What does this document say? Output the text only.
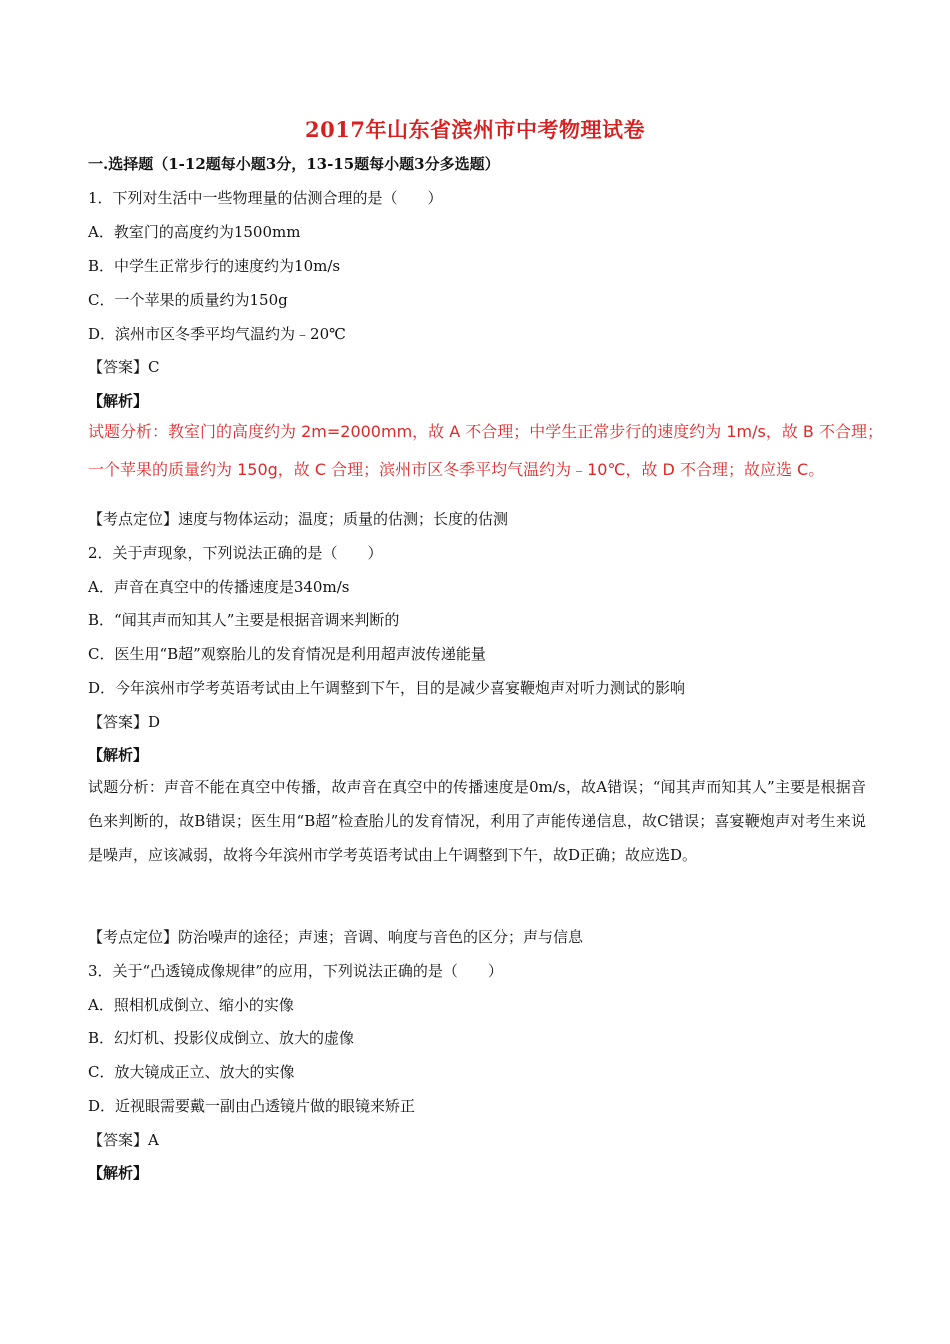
2017年山东省滨州市中考物理试卷
一.选择题（1-12题每小题3分，13-15题每小题3分多选题）
1．下列对生活中一些物理量的估测合理的是（　　）
A．教室门的高度约为1500mm
B．中学生正常步行的速度约为10m/s
C．一个苹果的质量约为150g
D．滨州市区冬季平均气温约为﹣20℃
【答案】C
【解析】
试题分析：教室门的高度约为 2m=2000mm，故 A 不合理；中学生正常步行的速度约为 1m/s，故 B 不合理；
一个苹果的质量约为 150g，故 C 合理；滨州市区冬季平均气温约为﹣10℃，故 D 不合理；故应选 C。
【考点定位】速度与物体运动；温度；质量的估测；长度的估测
2．关于声现象，下列说法正确的是（　　）
A．声音在真空中的传播速度是340m/s
B．“闻其声而知其人”主要是根据音调来判断的
C．医生用“B超”观察胎儿的发育情况是利用超声波传递能量
D．今年滨州市学考英语考试由上午调整到下午，目的是减少喜宴鞭炮声对听力测试的影响
【答案】D
【解析】
试题分析：声音不能在真空中传播，故声音在真空中的传播速度是0m/s，故A错误；“闻其声而知其人”主要是根据音色来判断的，故B错误；医生用“B超”检查胎儿的发育情况，利用了声能传递信息，故C错误；喜宴鞭炮声对考生来说是噪声，应该减弱，故将今年滨州市学考英语考试由上午调整到下午，故D正确；故应选D。
【考点定位】防治噪声的途径；声速；音调、响度与音色的区分；声与信息
3．关于“凸透镜成像规律”的应用，下列说法正确的是（　　）
A．照相机成倒立、缩小的实像
B．幻灯机、投影仪成倒立、放大的虚像
C．放大镜成正立、放大的实像
D．近视眼需要戴一副由凸透镜片做的眼镜来矫正
【答案】A
【解析】
